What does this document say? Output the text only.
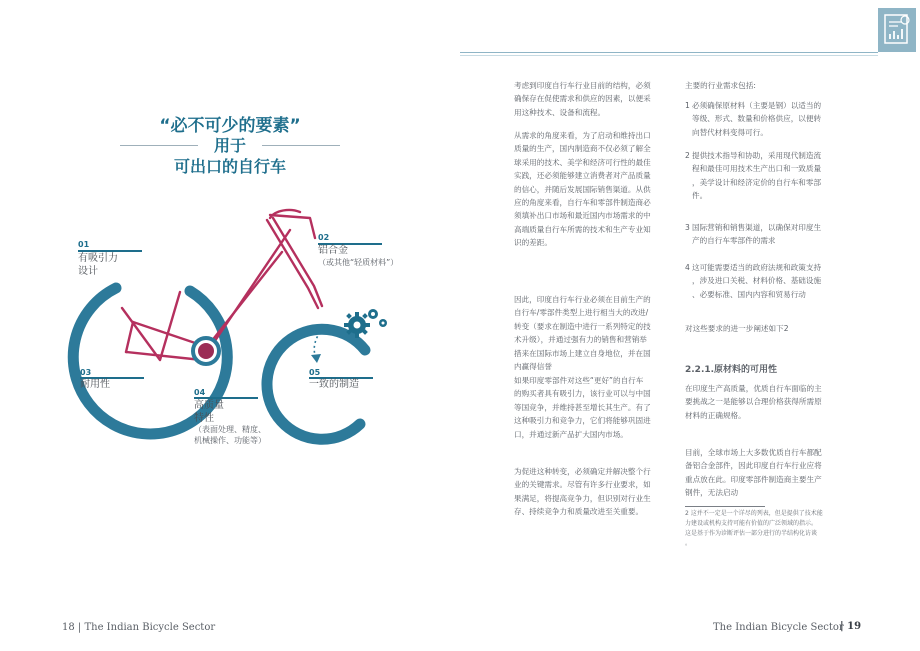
“必不可少的要素”
用于
可出口的自行车
01
有吸引力
设计
02
铝合金
（或其他“轻质材料”）
03
耐用性
04
高质量
特性
（表面处理、精度、
机械操作、功能等）
05
一致的制造
18 | The Indian Bicycle Sector
考虑到印度自行车行业目前的结构，必须
确保存在促使需求和供应的因素，以便采
用这种技术、设备和流程。
从需求的角度来看，为了启动和维持出口
质量的生产，国内制造商不仅必须了解全
球采用的技术、美学和经济可行性的最佳
实践，还必须能够建立消费者对产品质量
的信心，并随后发展国际销售渠道。从供
应的角度来看，自行车和零部件制造商必
须填补出口市场和最近国内市场需求的中
高端质量自行车所需的技术和生产专业知
识的差距。
因此，印度自行车行业必须在目前生产的
自行车/零部件类型上进行相当大的改进/
转变（要求在制造中进行一系列特定的技
术升级），并通过强有力的销售和营销举
措来在国际市场上建立自身地位，并在国
内赢得信誉
如果印度零部件对这些“更好”的自行车
的购买者具有吸引力，该行业可以与中国
等国竞争，并维持甚至增长其生产。有了
这种吸引力和竞争力，它们将能够巩固进
口，并通过新产品扩大国内市场。
为促进这种转变，必须确定并解决整个行
业的关键需求。尽管有许多行业要求，如
果满足，将提高竞争力，但识别对行业生
存、持续竞争力和质量改进至关重要。
主要的行业需求包括:
1 必须确保原材料（主要是钢）以适当的
等级、形式、数量和价格供应，以便转
向替代材料变得可行。
2 提供技术指导和协助，采用现代制造流
程和最佳可用技术生产出口和一致质量
，美学设计和经济定价的自行车和零部
件。
3 国际营销和销售渠道，以确保对印度生
产的自行车零部件的需求
4 这可能需要适当的政府法规和政策支持
，涉及进口关税、材料价格、基础设施
、必要标准、国内内容和贸易行动
对这些要求的进一步阐述如下2
2.2.1.原材料的可用性
在印度生产高质量，优质自行车面临的主
要挑战之一是能够以合理价格获得所需原
材料的正确规格。
目前，全球市场上大多数优质自行车都配
备铝合金部件，因此印度自行车行业应将
重点放在此。印度零部件制造商主要生产
钢件，无法启动
2 这并不一定是一个详尽的列表，但是提供了技术能
力建设或机构支持可能有价值的广泛领域的指示。
这是基于作为诊断评估一部分进行的半结构化访谈
。
The Indian Bicycle Sector
| 19
